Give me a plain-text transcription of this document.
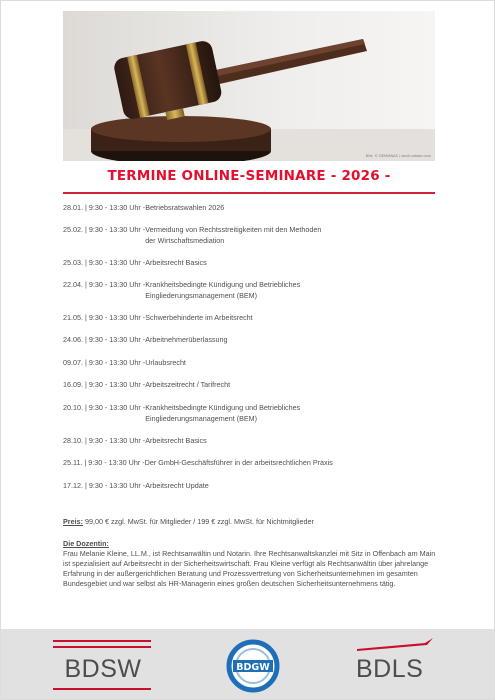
Bild: © DEMIANAS / stock.adobe.com
TERMINE ONLINE-SEMINARE - 2026 -
28.01. | 9:30 - 13:30 Uhr - Betriebsratswahlen 2026
25.02. | 9:30 - 13:30 Uhr - Vermeidung von Rechtsstreitigkeiten mit den Methoden
der Wirtschaftsmediation
25.03. | 9:30 - 13:30 Uhr - Arbeitsrecht Basics
22.04. | 9:30 - 13:30 Uhr - Krankheitsbedingte Kündigung und Betriebliches
Eingliederungsmanagement (BEM)
21.05. | 9:30 - 13:30 Uhr - Schwerbehinderte im Arbeitsrecht
24.06. | 9:30 - 13:30 Uhr - Arbeitnehmerüberlassung
09.07. | 9:30 - 13:30 Uhr - Urlaubsrecht
16.09. | 9:30 - 13:30 Uhr - Arbeitszeitrecht / Tarifrecht
20.10. | 9:30 - 13:30 Uhr - Krankheitsbedingte Kündigung und Betriebliches
Eingliederungsmanagement (BEM)
28.10. | 9:30 - 13:30 Uhr - Arbeitsrecht Basics
25.11. | 9:30 - 13:30 Uhr - Der GmbH-Geschäftsführer in der arbeitsrechtlichen Praxis
17.12. | 9:30 - 13:30 Uhr - Arbeitsrecht Update
Preis: 99,00 € zzgl. MwSt. für Mitglieder / 199 € zzgl. MwSt. für Nichtmitglieder
Die Dozentin:
Frau Melanie Kleine, LL.M., ist Rechtsanwältin und Notarin. Ihre Rechtsanwaltskanzlei mit Sitz in Offenbach am Main ist spezialisiert auf Arbeitsrecht in der Sicherheitswirtschaft. Frau Kleine verfügt als Rechtsanwältin über jahrelange Erfahrung in der außergerichtlichen Beratung und Prozessvertretung von Sicherheitsunternehmen im gesamten Bundesgebiet und war selbst als HR-Managerin eines großen deutschen Sicherheitsunternehmens tätig.
BDSW	BDGW	BDLS
